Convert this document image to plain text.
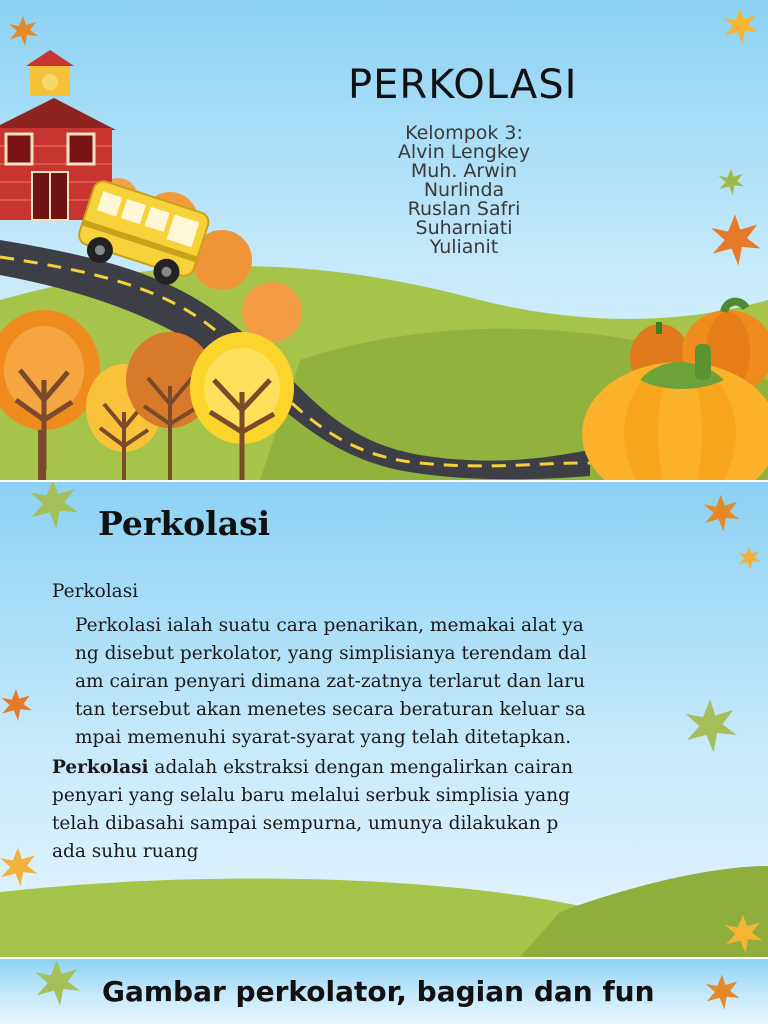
PERKOLASI
Kelompok 3:
Alvin Lengkey
Muh. Arwin
Nurlinda
Ruslan Safri
Suharniati
Yulianit
Perkolasi

Perkolasi

Perkolasi ialah suatu cara penarikan, memakai alat ya
ng disebut perkolator, yang simplisianya terendam dal
am cairan penyari dimana zat-zatnya terlarut dan laru
tan tersebut akan menetes secara beraturan keluar sa
mpai memenuhi syarat-syarat yang telah ditetapkan.
Perkolasi adalah ekstraksi dengan mengalirkan cairan
penyari yang selalu baru melalui serbuk simplisia yang
telah dibasahi sampai sempurna, umunya dilakukan p
ada suhu ruang
Gambar perkolator, bagian dan fun
